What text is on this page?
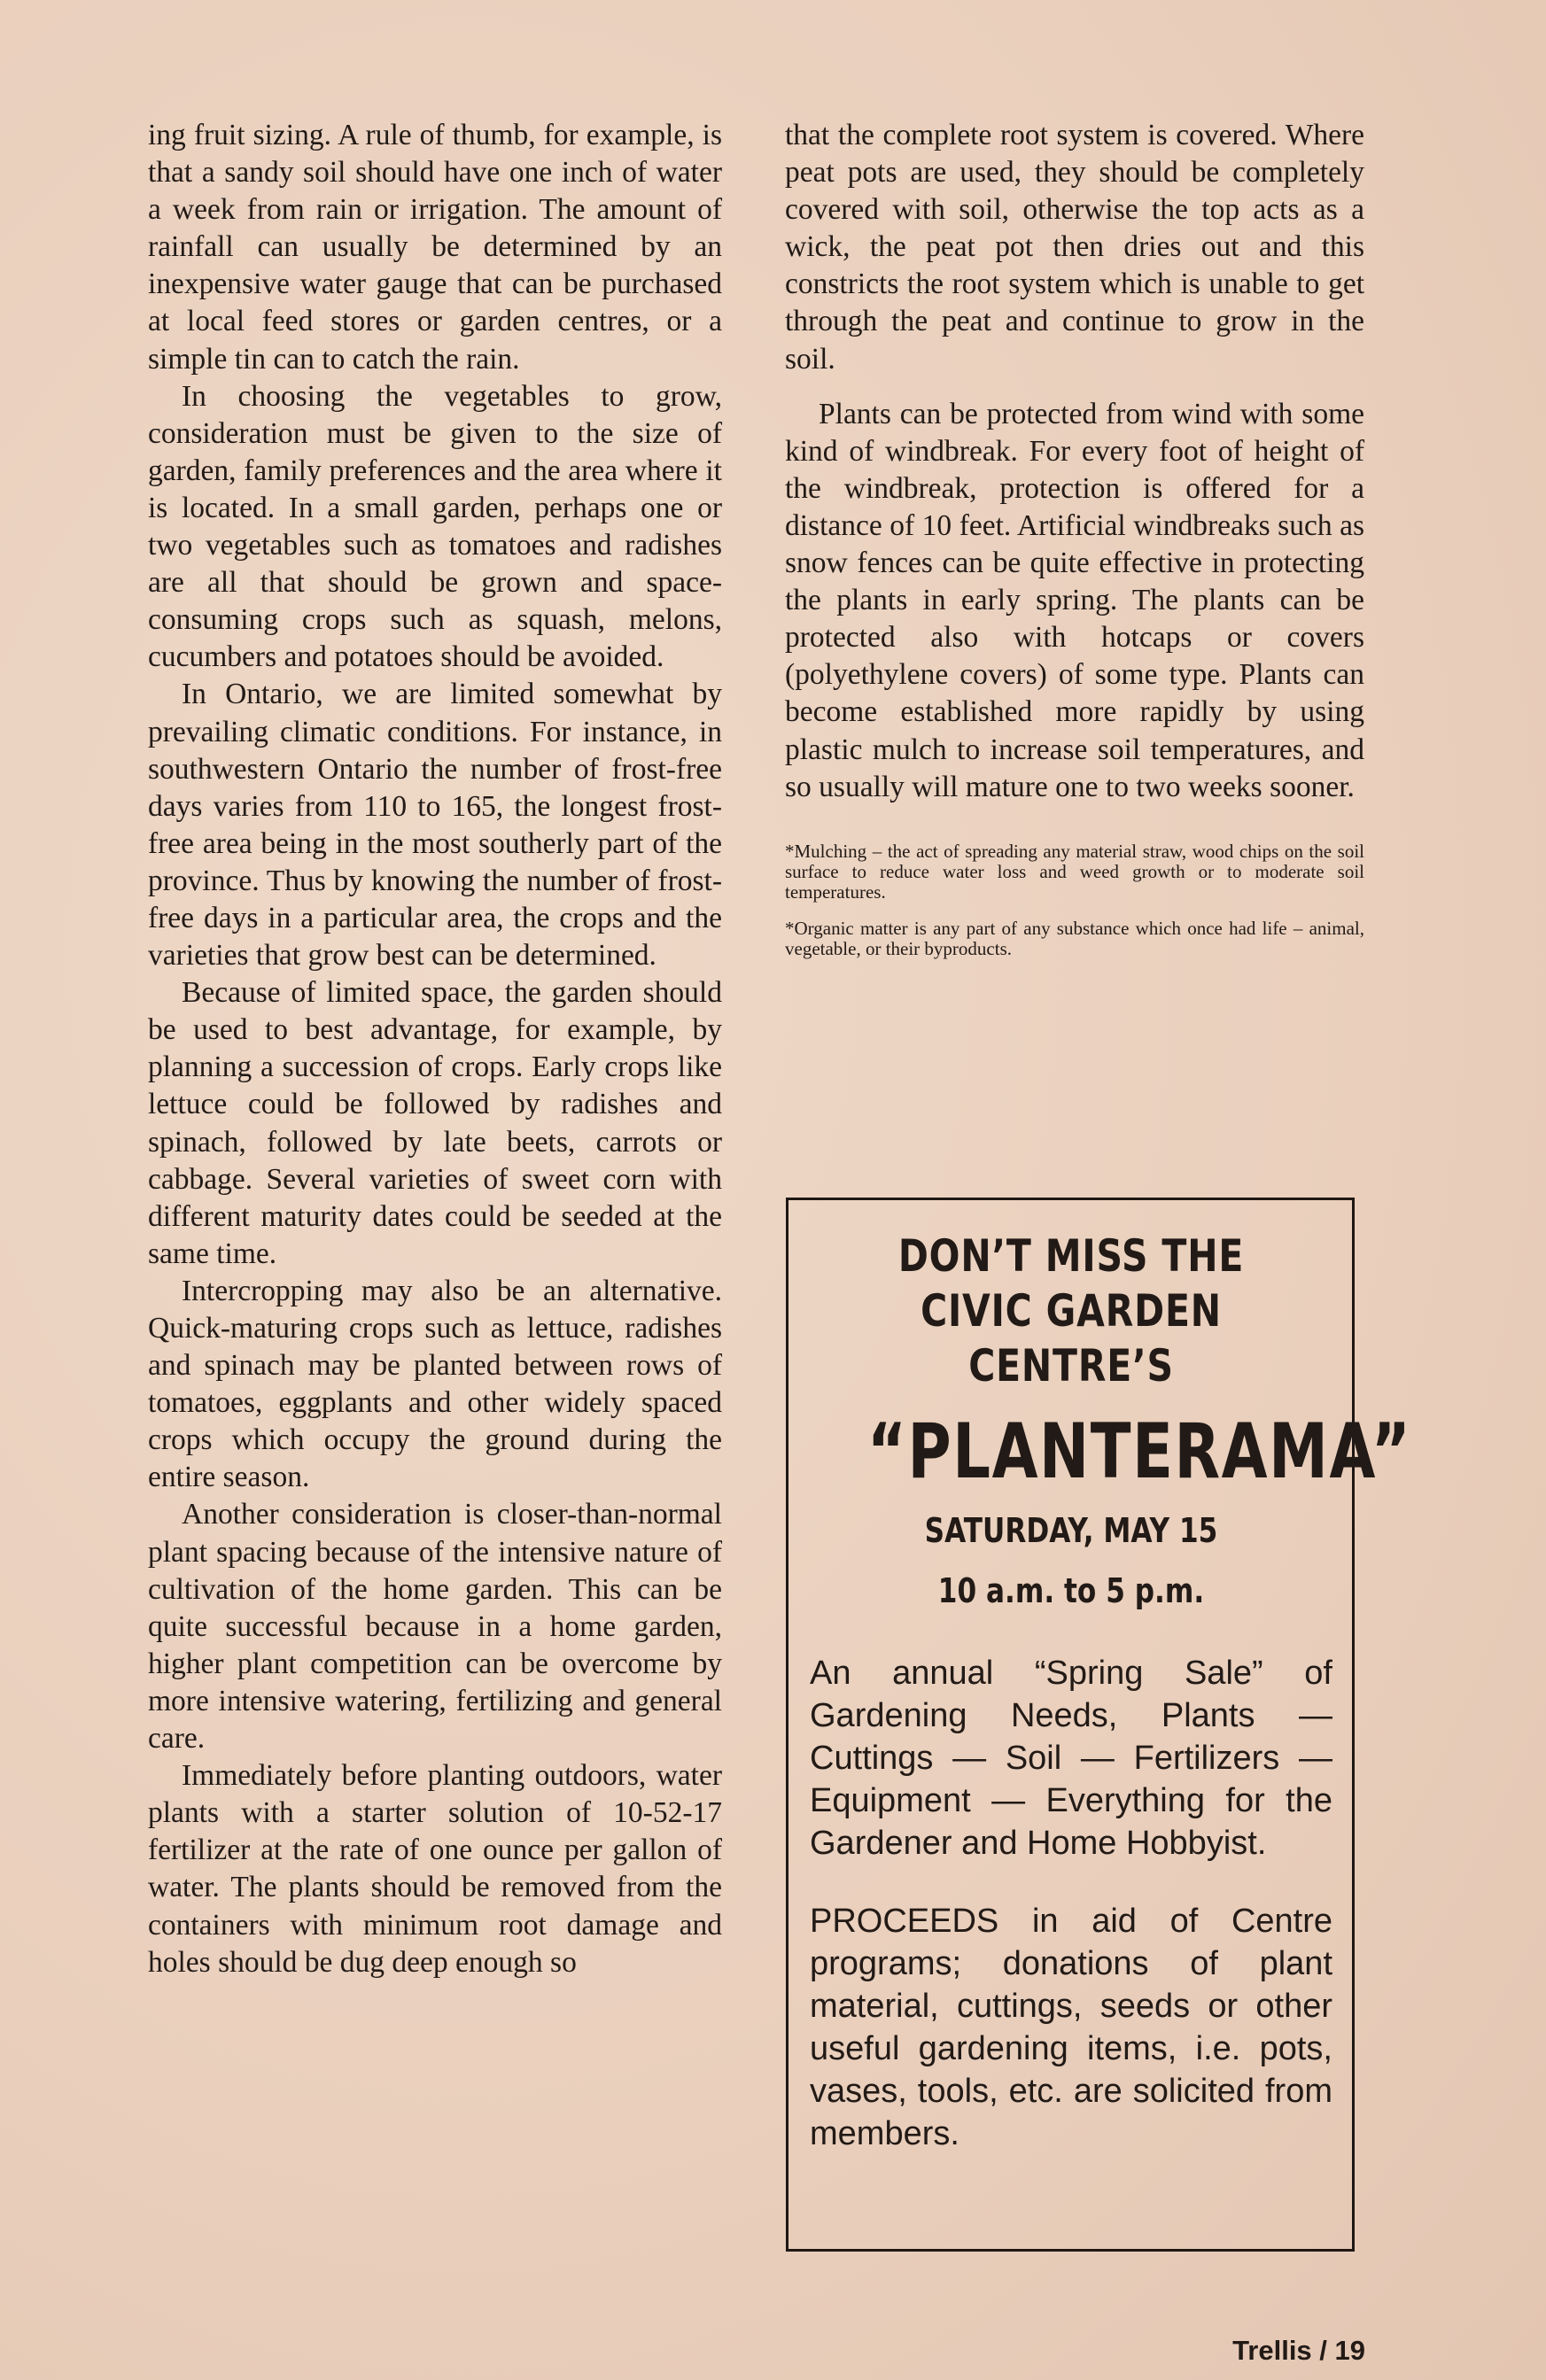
ing fruit sizing. A rule of thumb, for example, is that a sandy soil should have one inch of water a week from rain or irrigation. The amount of rainfall can usually be determined by an inexpensive water gauge that can be purchased at local feed stores or garden centres, or a simple tin can to catch the rain.

In choosing the vegetables to grow, consideration must be given to the size of garden, family preferences and the area where it is located. In a small garden, perhaps one or two vegetables such as tomatoes and radishes are all that should be grown and space-consuming crops such as squash, melons, cucumbers and potatoes should be avoided.

In Ontario, we are limited somewhat by prevailing climatic conditions. For instance, in southwestern Ontario the number of frost-free days varies from 110 to 165, the longest frost-free area being in the most southerly part of the province. Thus by knowing the number of frost-free days in a particular area, the crops and the varieties that grow best can be determined.

Because of limited space, the garden should be used to best advantage, for example, by planning a succession of crops. Early crops like lettuce could be followed by radishes and spinach, followed by late beets, carrots or cabbage. Several varieties of sweet corn with different maturity dates could be seeded at the same time.

Intercropping may also be an alternative. Quick-maturing crops such as lettuce, radishes and spinach may be planted between rows of tomatoes, eggplants and other widely spaced crops which occupy the ground during the entire season.

Another consideration is closer-than-normal plant spacing because of the intensive nature of cultivation of the home garden. This can be quite successful because in a home garden, higher plant competition can be overcome by more intensive watering, fertilizing and general care.

Immediately before planting outdoors, water plants with a starter solution of 10-52-17 fertilizer at the rate of one ounce per gallon of water. The plants should be removed from the containers with minimum root damage and holes should be dug deep enough so

that the complete root system is covered. Where peat pots are used, they should be completely covered with soil, otherwise the top acts as a wick, the peat pot then dries out and this constricts the root system which is unable to get through the peat and continue to grow in the soil.

Plants can be protected from wind with some kind of windbreak. For every foot of height of the windbreak, protection is offered for a distance of 10 feet. Artificial windbreaks such as snow fences can be quite effective in protecting the plants in early spring. The plants can be protected also with hotcaps or covers (polyethylene covers) of some type. Plants can become established more rapidly by using plastic mulch to increase soil temperatures, and so usually will mature one to two weeks sooner.

*Mulching – the act of spreading any material straw, wood chips on the soil surface to reduce water loss and weed growth or to moderate soil temperatures.

*Organic matter is any part of any substance which once had life – animal, vegetable, or their byproducts.

DON’T MISS THE
CIVIC GARDEN
CENTRE’S
“PLANTERAMA”
SATURDAY, MAY 15
10 a.m. to 5 p.m.

An annual “Spring Sale” of Gardening Needs, Plants — Cuttings — Soil — Fertilizers — Equipment — Everything for the Gardener and Home Hobbyist.

PROCEEDS in aid of Centre programs; donations of plant material, cuttings, seeds or other useful gardening items, i.e. pots, vases, tools, etc. are solicited from members.

Trellis / 19
